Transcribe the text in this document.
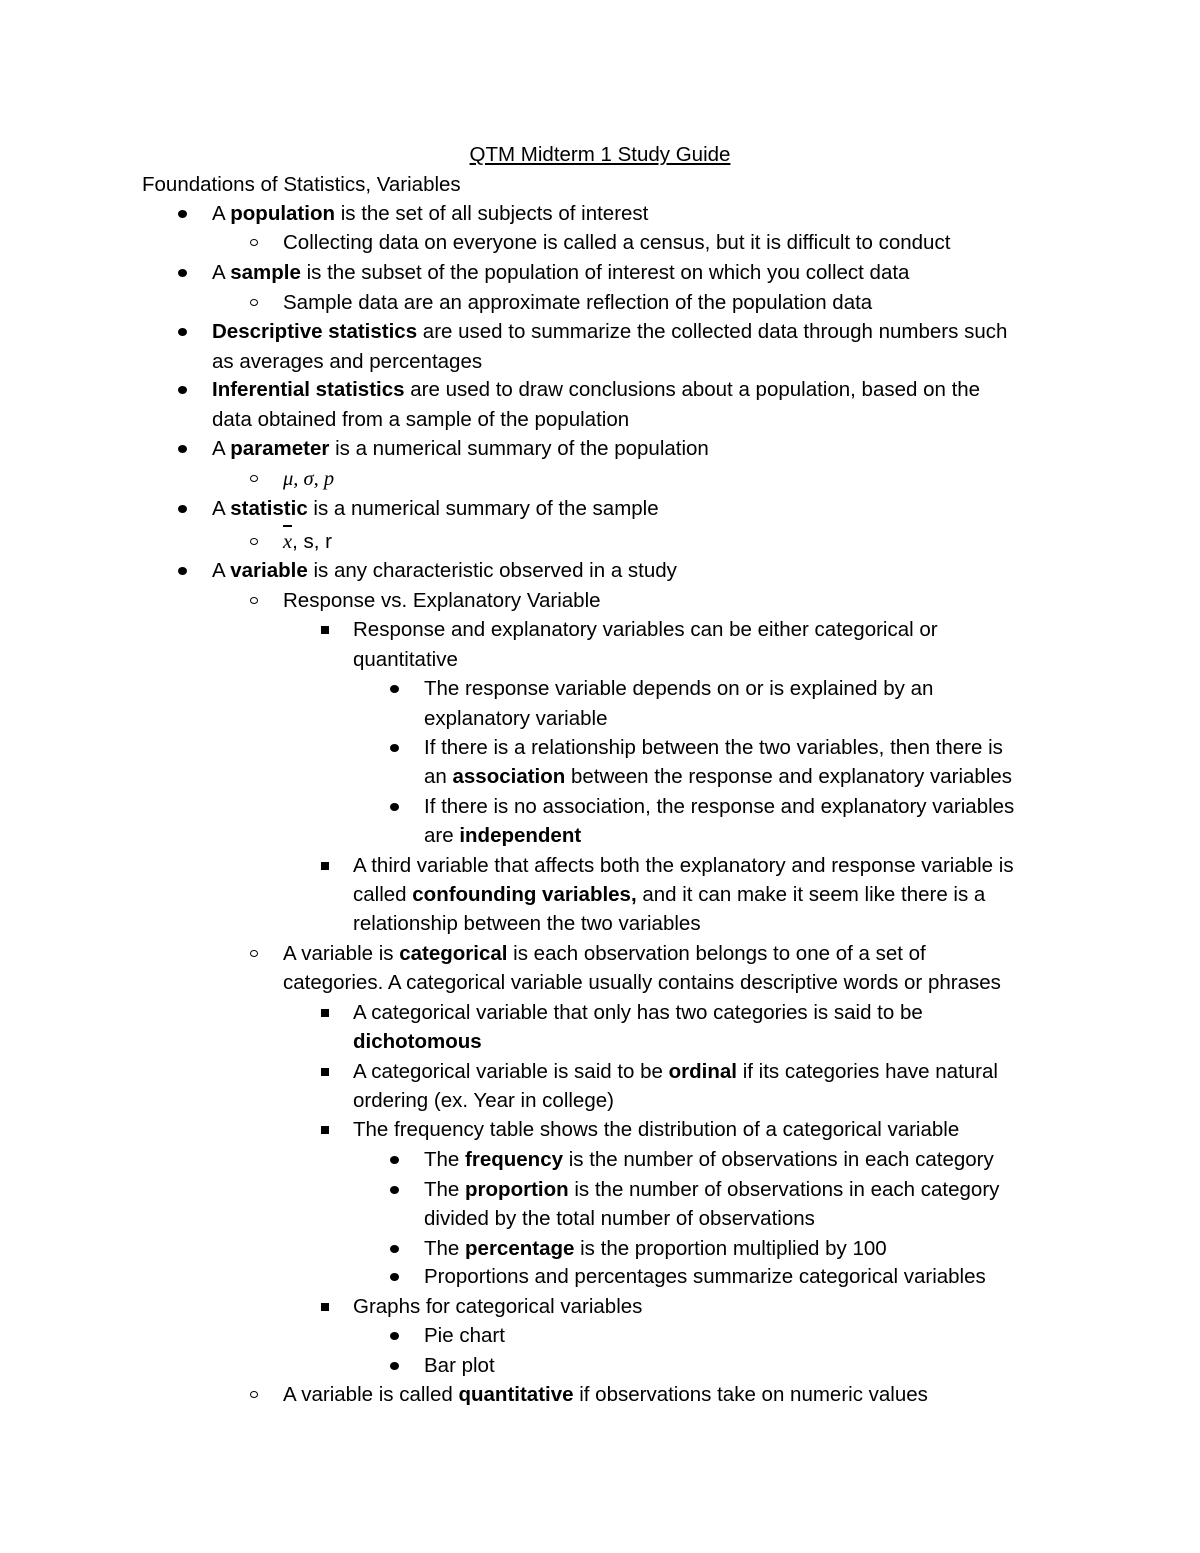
QTM Midterm 1 Study Guide
Foundations of Statistics, Variables
A population is the set of all subjects of interest
Collecting data on everyone is called a census, but it is difficult to conduct
A sample is the subset of the population of interest on which you collect data
Sample data are an approximate reflection of the population data
Descriptive statistics are used to summarize the collected data through numbers such
as averages and percentages
Inferential statistics are used to draw conclusions about a population, based on the
data obtained from a sample of the population
A parameter is a numerical summary of the population
μ, σ, p
A statistic is a numerical summary of the sample
x, s, r
A variable is any characteristic observed in a study
Response vs. Explanatory Variable
Response and explanatory variables can be either categorical or
quantitative
The response variable depends on or is explained by an
explanatory variable
If there is a relationship between the two variables, then there is
an association between the response and explanatory variables
If there is no association, the response and explanatory variables
are independent
A third variable that affects both the explanatory and response variable is
called confounding variables, and it can make it seem like there is a
relationship between the two variables
A variable is categorical is each observation belongs to one of a set of
categories. A categorical variable usually contains descriptive words or phrases
A categorical variable that only has two categories is said to be
dichotomous
A categorical variable is said to be ordinal if its categories have natural
ordering (ex. Year in college)
The frequency table shows the distribution of a categorical variable
The frequency is the number of observations in each category
The proportion is the number of observations in each category
divided by the total number of observations
The percentage is the proportion multiplied by 100
Proportions and percentages summarize categorical variables
Graphs for categorical variables
Pie chart
Bar plot
A variable is called quantitative if observations take on numeric values
